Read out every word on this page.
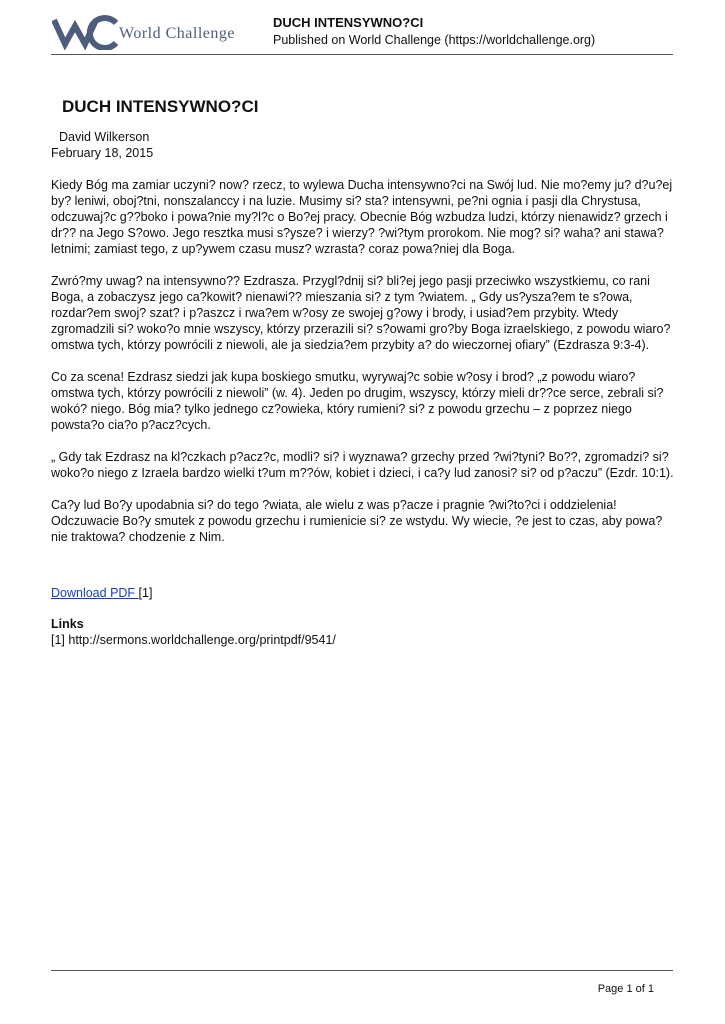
World Challenge
DUCH INTENSYWNO?CI
Published on World Challenge (https://worldchallenge.org)
DUCH INTENSYWNO?CI
David Wilkerson
February 18, 2015

Kiedy Bóg ma zamiar uczyni? now? rzecz, to wylewa Ducha intensywno?ci na Swój lud. Nie mo?emy ju? d?u?ej by? leniwi, oboj?tni, nonszalanccy i na luzie. Musimy si? sta? intensywni, pe?ni ognia i pasji dla Chrystusa, odczuwaj?c g??boko i powa?nie my?l?c o Bo?ej pracy. Obecnie Bóg wzbudza ludzi, którzy nienawidz? grzech i dr?? na Jego S?owo. Jego resztka musi s?ysze? i wierzy? ?wi?tym prorokom. Nie mog? si? waha? ani stawa? letnimi; zamiast tego, z up?ywem czasu musz? wzrasta? coraz powa?niej dla Boga.

Zwró?my uwag? na intensywno?? Ezdrasza. Przygl?dnij si? bli?ej jego pasji przeciwko wszystkiemu, co rani Boga, a zobaczysz jego ca?kowit? nienawi?? mieszania si? z tym ?wiatem. „ Gdy us?ysza?em te s?owa, rozdar?em swoj? szat? i p?aszcz i rwa?em w?osy ze swojej g?owy i brody, i usiad?em przybity. Wtedy zgromadzili si? woko?o mnie wszyscy, którzy przerazili si? s?owami gro?by Boga izraelskiego, z powodu wiaro?omstwa tych, którzy powrócili z niewoli, ale ja siedzia?em przybity a? do wieczornej ofiary” (Ezdrasza 9:3-4).

Co za scena! Ezdrasz siedzi jak kupa boskiego smutku, wyrywaj?c sobie w?osy i brod? „z powodu wiaro?omstwa tych, którzy powrócili z niewoli” (w. 4). Jeden po drugim, wszyscy, którzy mieli dr??ce serce, zebrali si? wokó? niego. Bóg mia? tylko jednego cz?owieka, który rumieni? si? z powodu grzechu – z poprzez niego powsta?o cia?o p?acz?cych.

„ Gdy tak Ezdrasz na kl?czkach p?acz?c, modli? si? i wyznawa? grzechy przed ?wi?tyni? Bo??, zgromadzi? si? woko?o niego z Izraela bardzo wielki t?um m??ów, kobiet i dzieci, i ca?y lud zanosi? si? od p?aczu” (Ezdr. 10:1).

Ca?y lud Bo?y upodabnia si? do tego ?wiata, ale wielu z was p?acze i pragnie ?wi?to?ci i oddzielenia! Odczuwacie Bo?y smutek z powodu grzechu i rumienicie si? ze wstydu. Wy wiecie, ?e jest to czas, aby powa?nie traktowa? chodzenie z Nim.

Download PDF [1]
Links
[1] http://sermons.worldchallenge.org/printpdf/9541/
Page 1 of 1
